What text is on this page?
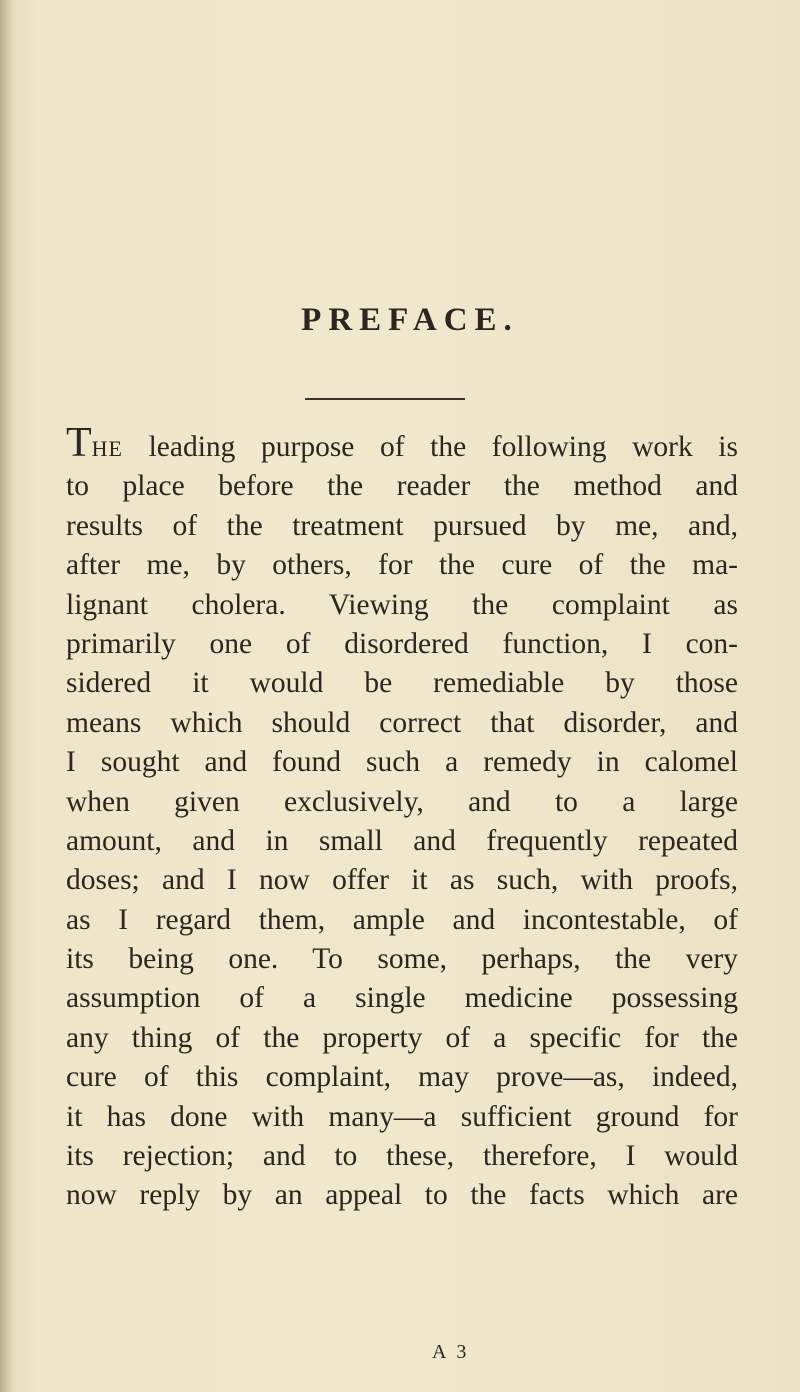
PREFACE.
THE leading purpose of the following work is
to place before the reader the method and
results of the treatment pursued by me, and,
after me, by others, for the cure of the ma-
lignant cholera. Viewing the complaint as
primarily one of disordered function, I con-
sidered it would be remediable by those
means which should correct that disorder, and
I sought and found such a remedy in calomel
when given exclusively, and to a large
amount, and in small and frequently repeated
doses; and I now offer it as such, with proofs,
as I regard them, ample and incontestable, of
its being one. To some, perhaps, the very
assumption of a single medicine possessing
any thing of the property of a specific for the
cure of this complaint, may prove—as, indeed,
it has done with many—a sufficient ground for
its rejection; and to these, therefore, I would
now reply by an appeal to the facts which are
A 3
